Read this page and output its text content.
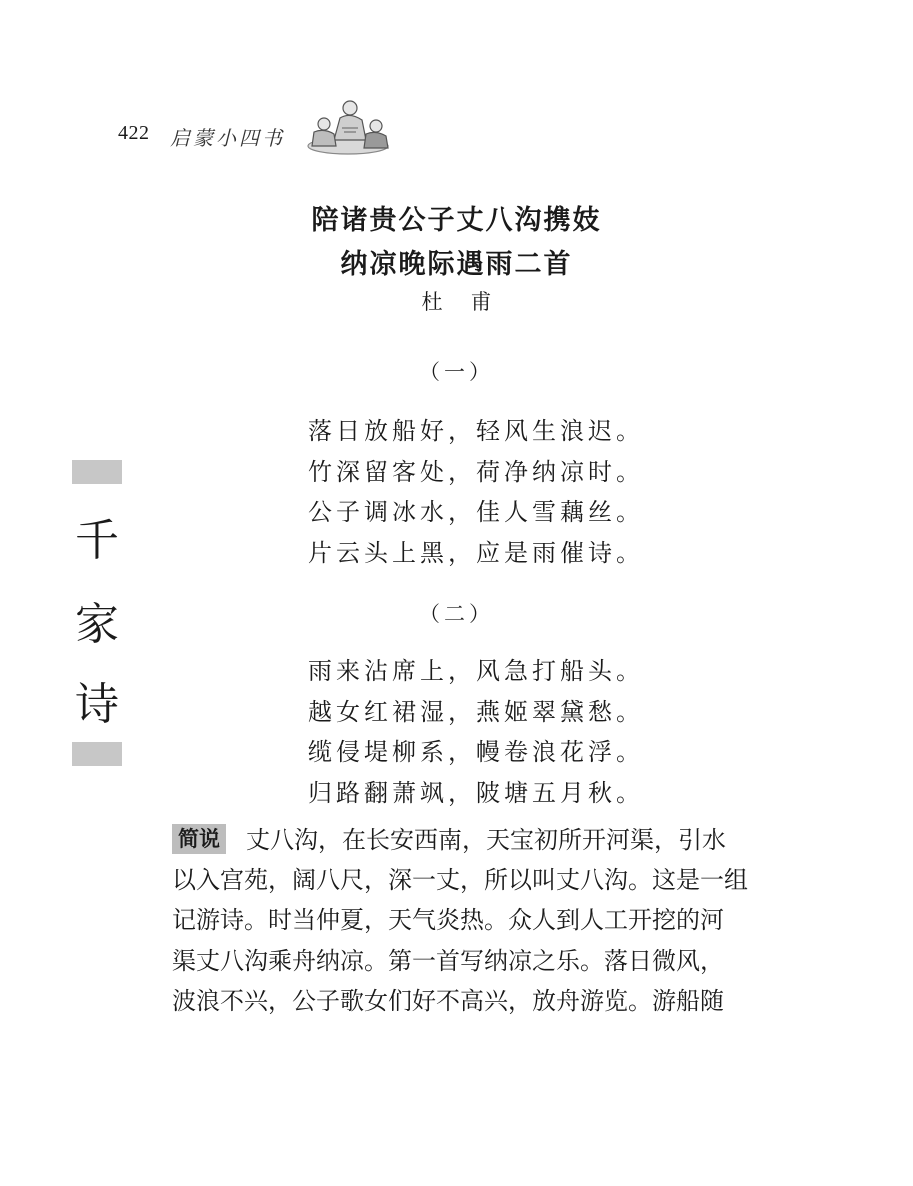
422 启蒙小四书
陪诸贵公子丈八沟携妓
纳凉晚际遇雨二首
杜甫
（一）
落日放船好，轻风生浪迟。
竹深留客处，荷净纳凉时。
公子调冰水，佳人雪藕丝。
片云头上黑，应是雨催诗。
（二）
雨来沾席上，风急打船头。
越女红裙湿，燕姬翠黛愁。
缆侵堤柳系，幔卷浪花浮。
归路翻萧飒，陂塘五月秋。
千
家
诗
简说 丈八沟，在长安西南，天宝初所开河渠，引水
以入宫苑，阔八尺，深一丈，所以叫丈八沟。这是一组
记游诗。时当仲夏，天气炎热。众人到人工开挖的河
渠丈八沟乘舟纳凉。第一首写纳凉之乐。落日微风，
波浪不兴，公子歌女们好不高兴，放舟游览。游船随
